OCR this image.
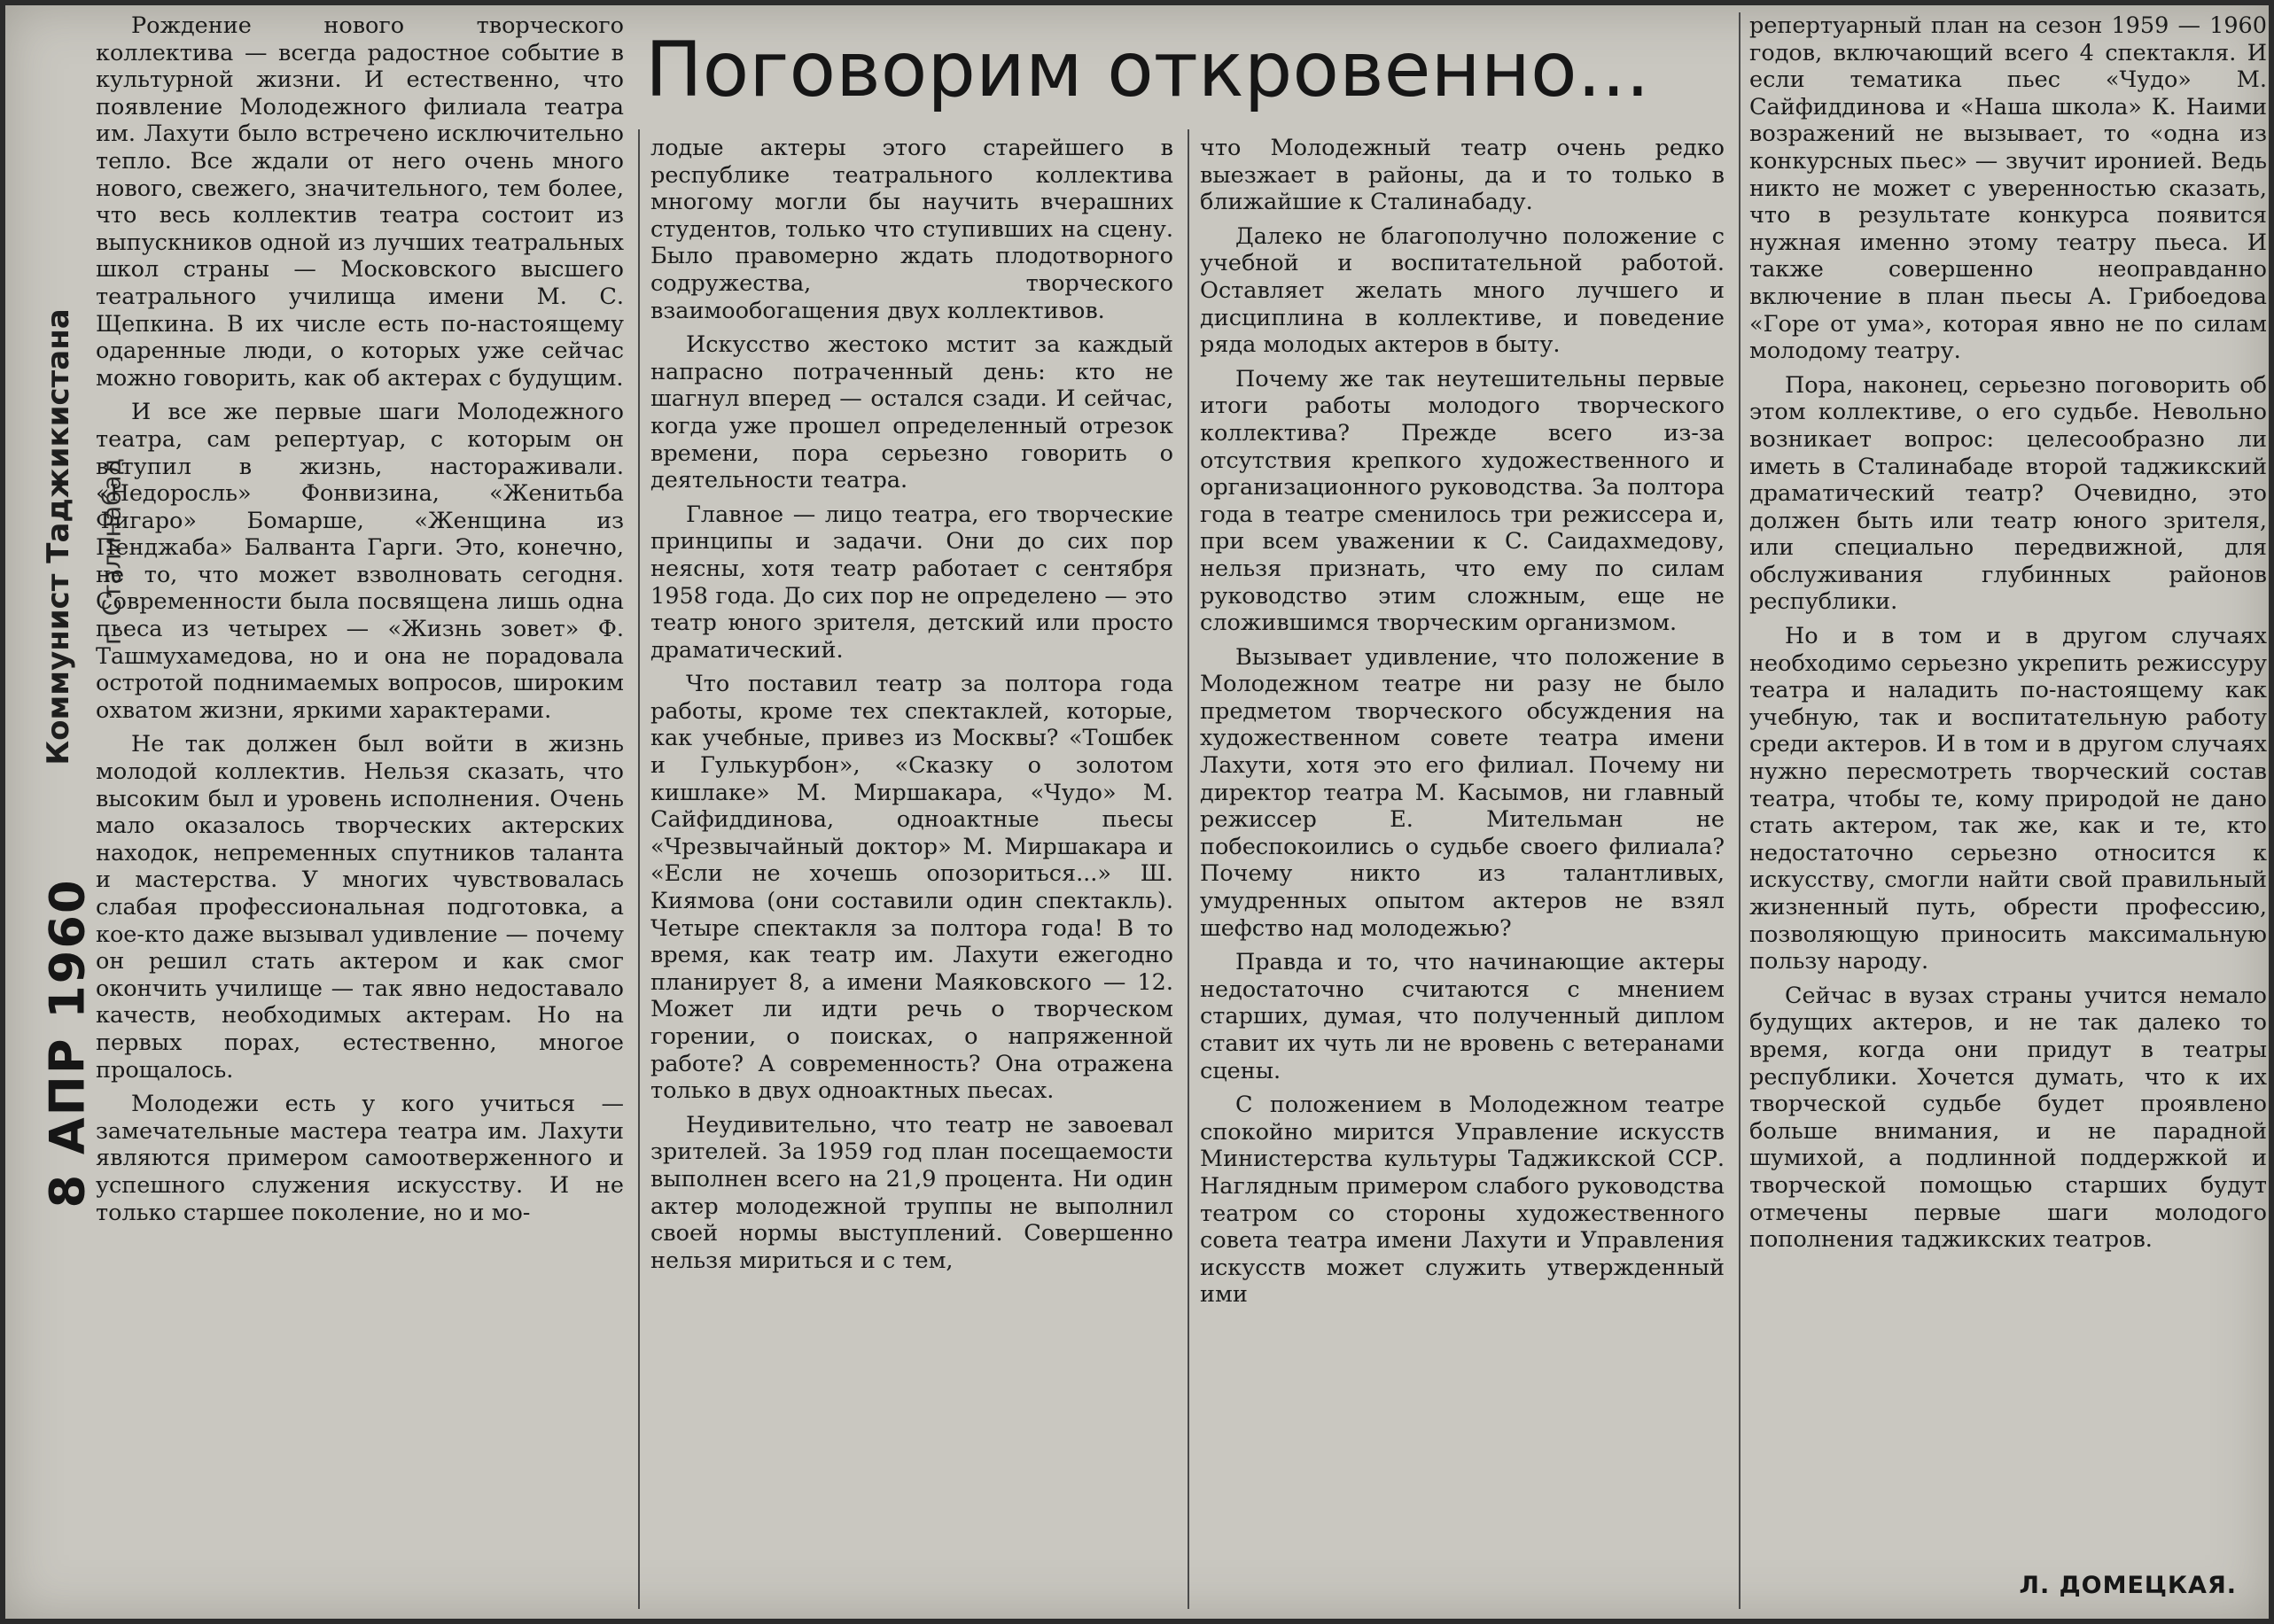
8 АПР 1960
Коммунист Таджикистана г. Сталинабад
Поговорим откровенно...

Рождение нового творческого коллектива — всегда радостное событие в культурной жизни. И естественно, что появление Молодежного филиала театра им. Лахути было встречено исключительно тепло. Все ждали от него очень много нового, свежего, значительного, тем более, что весь коллектив театра состоит из выпускников одной из лучших театральных школ страны — Московского высшего театрального училища имени М. С. Щепкина. В их числе есть по-настоящему одаренные люди, о которых уже сейчас можно говорить, как об актерах с будущим.

И все же первые шаги Молодежного театра, сам репертуар, с которым он вступил в жизнь, настораживали. «Недоросль» Фонвизина, «Женитьба Фигаро» Бомарше, «Женщина из Пенджаба» Балванта Гарги. Это, конечно, не то, что может взволновать сегодня. Современности была посвящена лишь одна пьеса из четырех — «Жизнь зовет» Ф. Ташмухамедова, но и она не порадовала остротой поднимаемых вопросов, широким охватом жизни, яркими характерами.

Не так должен был войти в жизнь молодой коллектив. Нельзя сказать, что высоким был и уровень исполнения. Очень мало оказалось творческих актерских находок, непременных спутников таланта и мастерства. У многих чувствовалась слабая профессиональная подготовка, а кое-кто даже вызывал удивление — почему он решил стать актером и как смог окончить училище — так явно недоставало качеств, необходимых актерам. Но на первых порах, естественно, многое прощалось.

Молодежи есть у кого учиться — замечательные мастера театра им. Лахути являются примером самоотверженного и успешного служения искусству. И не только старшее поколение, но и мо-

лодые актеры этого старейшего в республике театрального коллектива многому могли бы научить вчерашних студентов, только что ступивших на сцену. Было правомерно ждать плодотворного содружества, творческого взаимообогащения двух коллективов.

Искусство жестоко мстит за каждый напрасно потраченный день: кто не шагнул вперед — остался сзади. И сейчас, когда уже прошел определенный отрезок времени, пора серьезно говорить о деятельности театра.

Главное — лицо театра, его творческие принципы и задачи. Они до сих пор неясны, хотя театр работает с сентября 1958 года. До сих пор не определено — это театр юного зрителя, детский или просто драматический.

Что поставил театр за полтора года работы, кроме тех спектаклей, которые, как учебные, привез из Москвы? «Тошбек и Гулькурбон», «Сказку о золотом кишлаке» М. Миршакара, «Чудо» М. Сайфиддинова, одноактные пьесы «Чрезвычайный доктор» М. Миршакара и «Если не хочешь опозориться...» Ш. Киямова (они составили один спектакль). Четыре спектакля за полтора года! В то время, как театр им. Лахути ежегодно планирует 8, а имени Маяковского — 12. Может ли идти речь о творческом горении, о поисках, о напряженной работе? А современность? Она отражена только в двух одноактных пьесах.

Неудивительно, что театр не завоевал зрителей. За 1959 год план посещаемости выполнен всего на 21,9 процента. Ни один актер молодежной труппы не выполнил своей нормы выступлений. Совершенно нельзя мириться и с тем,

что Молодежный театр очень редко выезжает в районы, да и то только в ближайшие к Сталинабаду.

Далеко не благополучно положение с учебной и воспитательной работой. Оставляет желать много лучшего и дисциплина в коллективе, и поведение ряда молодых актеров в быту.

Почему же так неутешительны первые итоги работы молодого творческого коллектива? Прежде всего из-за отсутствия крепкого художественного и организационного руководства. За полтора года в театре сменилось три режиссера и, при всем уважении к С. Саидахмедову, нельзя признать, что ему по силам руководство этим сложным, еще не сложившимся творческим организмом.

Вызывает удивление, что положение в Молодежном театре ни разу не было предметом творческого обсуждения на художественном совете театра имени Лахути, хотя это его филиал. Почему ни директор театра М. Касымов, ни главный режиссер Е. Мительман не побеспокоились о судьбе своего филиала? Почему никто из талантливых, умудренных опытом актеров не взял шефство над молодежью?

Правда и то, что начинающие актеры недостаточно считаются с мнением старших, думая, что полученный диплом ставит их чуть ли не вровень с ветеранами сцены.

С положением в Молодежном театре спокойно мирится Управление искусств Министерства культуры Таджикской ССР. Наглядным примером слабого руководства театром со стороны художественного совета театра имени Лахути и Управления искусств может служить утвержденный ими

репертуарный план на сезон 1959 — 1960 годов, включающий всего 4 спектакля. И если тематика пьес «Чудо» М. Сайфиддинова и «Наша школа» К. Наими возражений не вызывает, то «одна из конкурсных пьес» — звучит иронией. Ведь никто не может с уверенностью сказать, что в результате конкурса появится нужная именно этому театру пьеса. И также совершенно неоправданно включение в план пьесы А. Грибоедова «Горе от ума», которая явно не по силам молодому театру.

Пора, наконец, серьезно поговорить об этом коллективе, о его судьбе. Невольно возникает вопрос: целесообразно ли иметь в Сталинабаде второй таджикский драматический театр? Очевидно, это должен быть или театр юного зрителя, или специально передвижной, для обслуживания глубинных районов республики.

Но и в том и в другом случаях необходимо серьезно укрепить режиссуру театра и наладить по-настоящему как учебную, так и воспитательную работу среди актеров. И в том и в другом случаях нужно пересмотреть творческий состав театра, чтобы те, кому природой не дано стать актером, так же, как и те, кто недостаточно серьезно относится к искусству, смогли найти свой правильный жизненный путь, обрести профессию, позволяющую приносить максимальную пользу народу.

Сейчас в вузах страны учится немало будущих актеров, и не так далеко то время, когда они придут в театры республики. Хочется думать, что к их творческой судьбе будет проявлено больше внимания, и не парадной шумихой, а подлинной поддержкой и творческой помощью старших будут отмечены первые шаги молодого пополнения таджикских театров.

Л. ДОМЕЦКАЯ.
